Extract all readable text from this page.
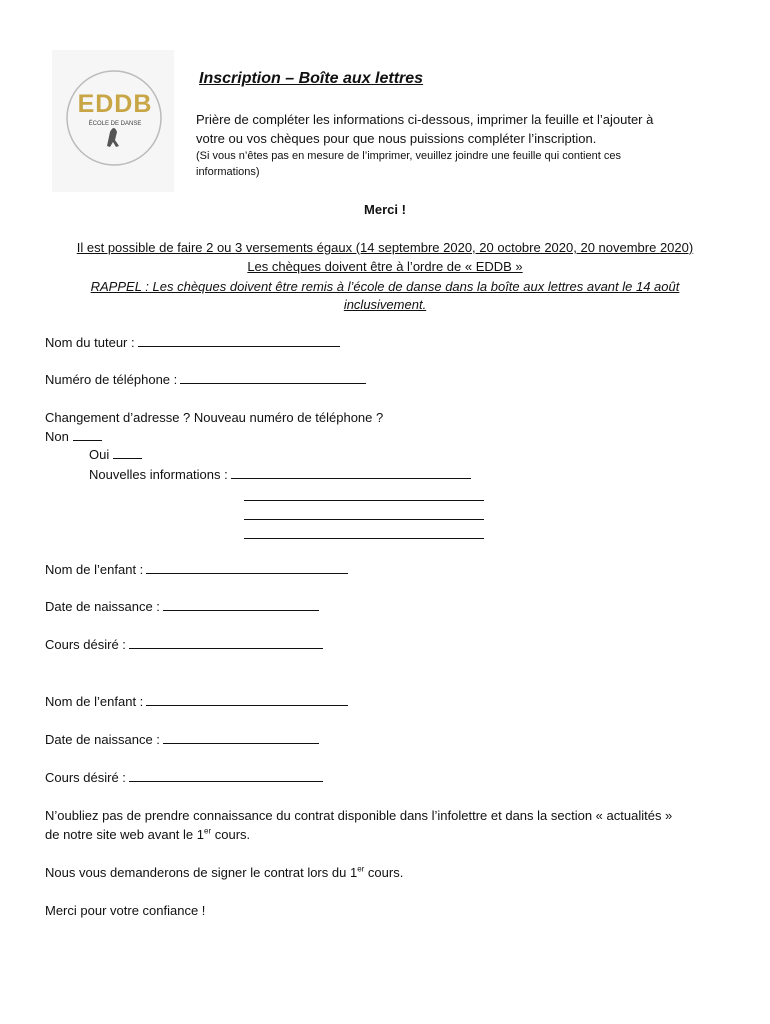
EDDB
ÉCOLE DE DANSE
Inscription – Boîte aux lettres
Prière de compléter les informations ci-dessous, imprimer la feuille et l’ajouter à
votre ou vos chèques pour que nous puissions compléter l’inscription.
(Si vous n’êtes pas en mesure de l’imprimer, veuillez joindre une feuille qui contient ces
informations)
Merci !
Il est possible de faire 2 ou 3 versements égaux (14 septembre 2020, 20 octobre 2020, 20 novembre 2020)
Les chèques doivent être à l’ordre de « EDDB »
RAPPEL : Les chèques doivent être remis à l’école de danse dans la boîte aux lettres avant le 14 août
inclusivement.
Nom du tuteur :
Numéro de téléphone :
Changement d’adresse ? Nouveau numéro de téléphone ?
Non
Oui
Nouvelles informations :
Nom de l’enfant :
Date de naissance :
Cours désiré :
Nom de l’enfant :
Date de naissance :
Cours désiré :
N’oubliez pas de prendre connaissance du contrat disponible dans l’infolettre et dans la section « actualités »
de notre site web avant le 1er cours.
Nous vous demanderons de signer le contrat lors du 1er cours.
Merci pour votre confiance !
